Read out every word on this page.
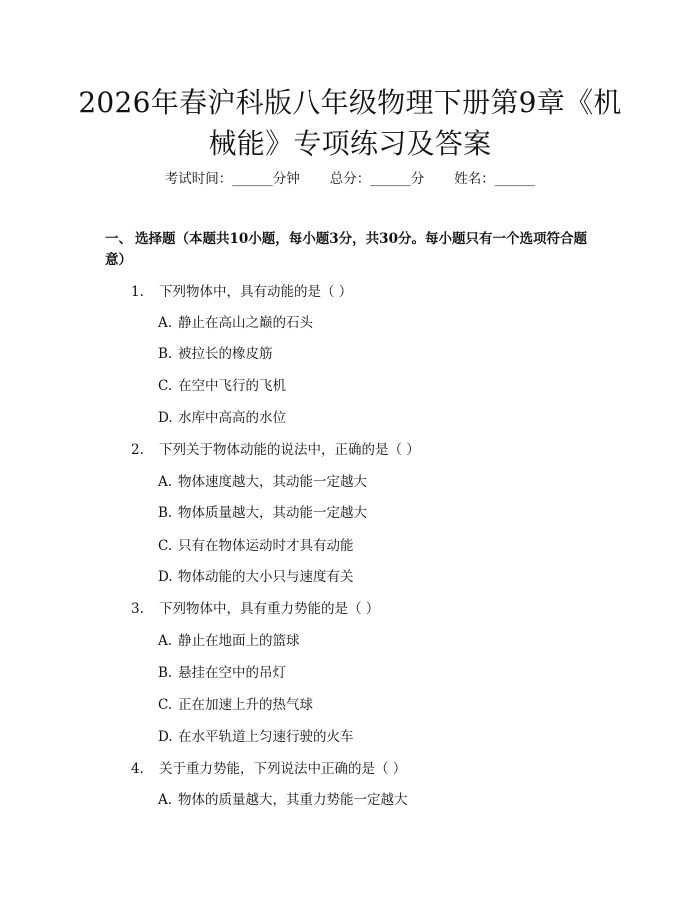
2026年春沪科版八年级物理下册第9章《机械能》专项练习及答案
考试时间：______分钟 总分：______分 姓名：______
一、 选择题（本题共10小题，每小题3分，共30分。每小题只有一个选项符合题意）
1. 下列物体中，具有动能的是（ ）
A. 静止在高山之巅的石头
B. 被拉长的橡皮筋
C. 在空中飞行的飞机
D. 水库中高高的水位
2. 下列关于物体动能的说法中，正确的是（ ）
A. 物体速度越大，其动能一定越大
B. 物体质量越大，其动能一定越大
C. 只有在物体运动时才具有动能
D. 物体动能的大小只与速度有关
3. 下列物体中，具有重力势能的是（ ）
A. 静止在地面上的篮球
B. 悬挂在空中的吊灯
C. 正在加速上升的热气球
D. 在水平轨道上匀速行驶的火车
4. 关于重力势能，下列说法中正确的是（ ）
A. 物体的质量越大，其重力势能一定越大
